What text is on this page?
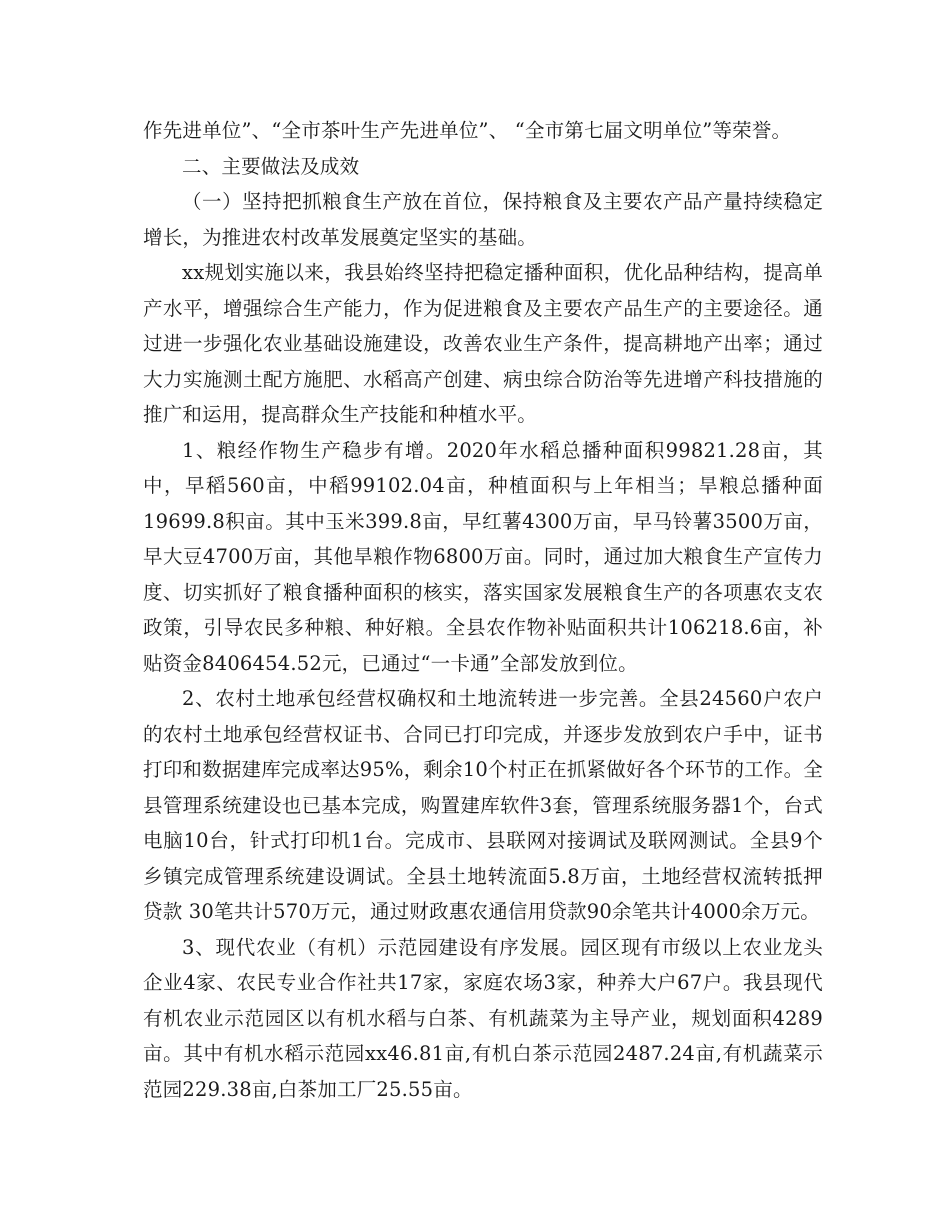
作先进单位”、“全市茶叶生产先进单位”、 “全市第七届文明单位”等荣誉。

二、主要做法及成效

（一）坚持把抓粮食生产放在首位，保持粮食及主要农产品产量持续稳定增长，为推进农村改革发展奠定坚实的基础。

xx规划实施以来，我县始终坚持把稳定播种面积，优化品种结构，提高单产水平，增强综合生产能力，作为促进粮食及主要农产品生产的主要途径。通过进一步强化农业基础设施建设，改善农业生产条件，提高耕地产出率；通过大力实施测土配方施肥、水稻高产创建、病虫综合防治等先进增产科技措施的推广和运用，提高群众生产技能和种植水平。

1、粮经作物生产稳步有增。2020年水稻总播种面积99821.28亩，其中，早稻560亩，中稻99102.04亩，种植面积与上年相当；旱粮总播种面19699.8积亩。其中玉米399.8亩，早红薯4300万亩，早马铃薯3500万亩，早大豆4700万亩，其他旱粮作物6800万亩。同时，通过加大粮食生产宣传力度、切实抓好了粮食播种面积的核实，落实国家发展粮食生产的各项惠农支农政策，引导农民多种粮、种好粮。全县农作物补贴面积共计106218.6亩，补贴资金8406454.52元，已通过“一卡通”全部发放到位。

2、农村土地承包经营权确权和土地流转进一步完善。全县24560户农户的农村土地承包经营权证书、合同已打印完成，并逐步发放到农户手中，证书打印和数据建库完成率达95%，剩余10个村正在抓紧做好各个环节的工作。全县管理系统建设也已基本完成，购置建库软件3套，管理系统服务器1个，台式电脑10台，针式打印机1台。完成市、县联网对接调试及联网测试。全县9个乡镇完成管理系统建设调试。全县土地转流面5.8万亩，土地经营权流转抵押贷款 30笔共计570万元，通过财政惠农通信用贷款90余笔共计4000余万元。

3、现代农业（有机）示范园建设有序发展。园区现有市级以上农业龙头企业4家、农民专业合作社共17家，家庭农场3家，种养大户67户。我县现代有机农业示范园区以有机水稻与白茶、有机蔬菜为主导产业，规划面积4289亩。其中有机水稻示范园xx46.81亩,有机白茶示范园2487.24亩,有机蔬菜示范园229.38亩,白茶加工厂25.55亩。
